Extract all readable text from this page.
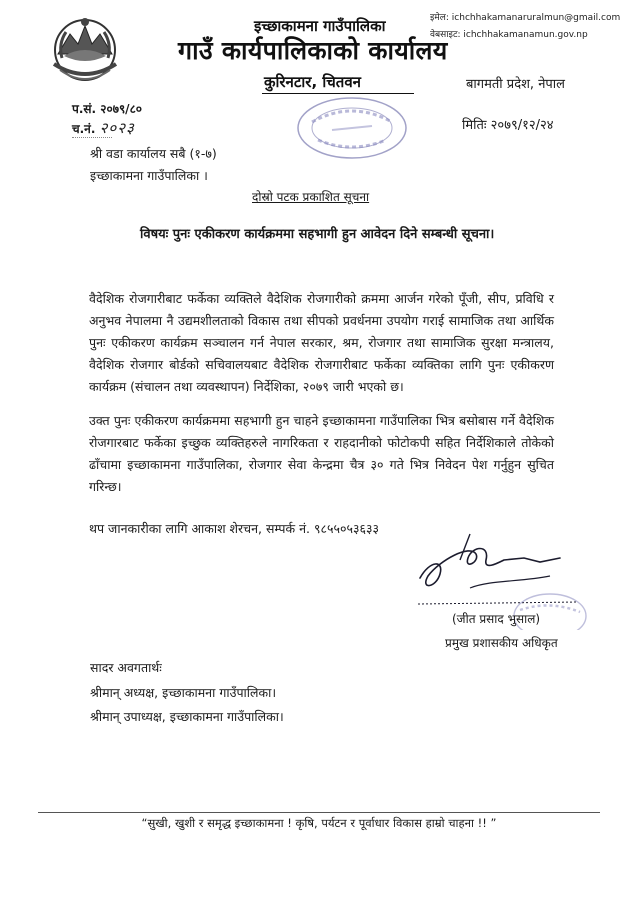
इच्छाकामना गाउँपालिका
गाउँ कार्यपालिकाको कार्यालय
कुरिनटार, चितवन
इमेल: ichchhakamanaruralmun@gmail.com
वेबसाइट: ichchhakamanamun.gov.np
बागमती प्रदेश, नेपाल
प.सं. २०७९/८०
च.नं. २०२३	मितिः २०७९/१२/२४
श्री वडा कार्यालय सबै (१-७)
इच्छाकामना गाउँपालिका ।
दोस्रो पटक प्रकाशित सूचना
विषयः पुनः एकीकरण कार्यक्रममा सहभागी हुन आवेदन दिने सम्बन्धी सूचना।
वैदेशिक रोजगारीबाट फर्केका व्यक्तिले वैदेशिक रोजगारीको क्रममा आर्जन गरेको पूँजी, सीप, प्रविधि र अनुभव नेपालमा नै उद्यमशीलताको विकास तथा सीपको प्रवर्धनमा उपयोग गराई सामाजिक तथा आर्थिक पुनः एकीकरण कार्यक्रम सञ्चालन गर्न नेपाल सरकार, श्रम, रोजगार तथा सामाजिक सुरक्षा मन्त्रालय, वैदेशिक रोजगार बोर्डको सचिवालयबाट वैदेशिक रोजगारीबाट फर्केका व्यक्तिका लागि पुनः एकीकरण कार्यक्रम (संचालन तथा व्यवस्थापन) निर्देशिका, २०७९ जारी भएको छ।
उक्त पुनः एकीकरण कार्यक्रममा सहभागी हुन चाहने इच्छाकामना गाउँपालिका भित्र बसोबास गर्ने वैदेशिक रोजगारबाट फर्केका इच्छुक व्यक्तिहरुले नागरिकता र राहदानीको फोटोकपी सहित निर्देशिकाले तोकेको ढाँचामा इच्छाकामना गाउँपालिका, रोजगार सेवा केन्द्रमा चैत्र ३० गते भित्र निवेदन पेश गर्नुहुन सुचित गरिन्छ।
थप जानकारीका लागि आकाश शेरचन, सम्पर्क नं. ९८५५०५३६३३
(जीत प्रसाद भुसाल)
प्रमुख प्रशासकीय अधिकृत
सादर अवगतार्थः
श्रीमान् अध्यक्ष, इच्छाकामना गाउँपालिका।
श्रीमान् उपाध्यक्ष, इच्छाकामना गाउँपालिका।
“सुखी, खुशी र समृद्ध इच्छाकामना ! कृषि, पर्यटन र पूर्वाधार विकास हाम्रो चाहना !! ”
